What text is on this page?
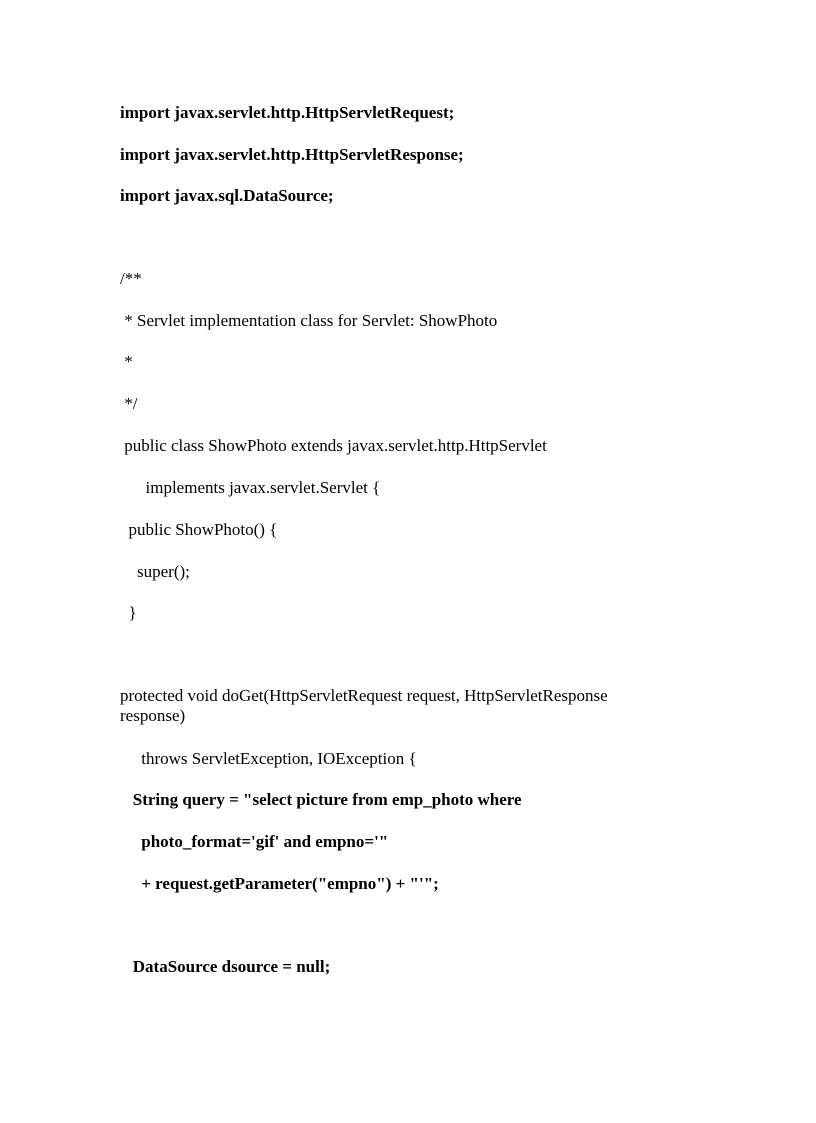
import javax.servlet.http.HttpServletRequest;
import javax.servlet.http.HttpServletResponse;
import javax.sql.DataSource;
/**
* Servlet implementation class for Servlet: ShowPhoto
*
*/
public class ShowPhoto extends javax.servlet.http.HttpServlet
implements javax.servlet.Servlet {
public ShowPhoto() {
super();
}
protected void doGet(HttpServletRequest request, HttpServletResponse response)
throws ServletException, IOException {
String query = "select picture from emp_photo where
photo_format='gif' and empno='"
+ request.getParameter("empno") + "'";
DataSource dsource = null;
